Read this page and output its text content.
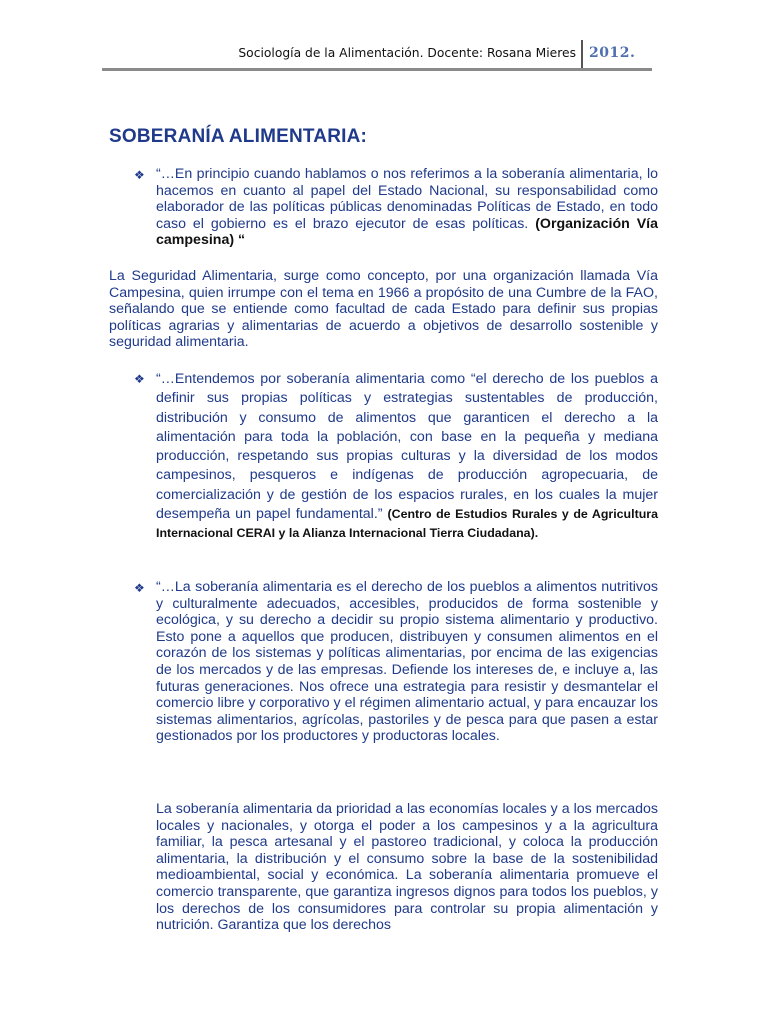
Sociología de la Alimentación. Docente: Rosana Mieres 2012.
SOBERANÍA ALIMENTARIA:
❖ “…En principio cuando hablamos o nos referimos a la soberanía alimentaria, lo hacemos en cuanto al papel del Estado Nacional, su responsabilidad como elaborador de las políticas públicas denominadas Políticas de Estado, en todo caso el gobierno es el brazo ejecutor de esas políticas. (Organización Vía campesina) “
La Seguridad Alimentaria, surge como concepto, por una organización llamada Vía Campesina, quien irrumpe con el tema en 1966 a propósito de una Cumbre de la FAO, señalando que se entiende como facultad de cada Estado para definir sus propias políticas agrarias y alimentarias de acuerdo a objetivos de desarrollo sostenible y seguridad alimentaria.
❖ “…Entendemos por soberanía alimentaria como “el derecho de los pueblos a definir sus propias políticas y estrategias sustentables de producción, distribución y consumo de alimentos que garanticen el derecho a la alimentación para toda la población, con base en la pequeña y mediana producción, respetando sus propias culturas y la diversidad de los modos campesinos, pesqueros e indígenas de producción agropecuaria, de comercialización y de gestión de los espacios rurales, en los cuales la mujer desempeña un papel fundamental.” (Centro de Estudios Rurales y de Agricultura Internacional CERAI y la Alianza Internacional Tierra Ciudadana).
❖ “…La soberanía alimentaria es el derecho de los pueblos a alimentos nutritivos y culturalmente adecuados, accesibles, producidos de forma sostenible y ecológica, y su derecho a decidir su propio sistema alimentario y productivo. Esto pone a aquellos que producen, distribuyen y consumen alimentos en el corazón de los sistemas y políticas alimentarias, por encima de las exigencias de los mercados y de las empresas. Defiende los intereses de, e incluye a, las futuras generaciones. Nos ofrece una estrategia para resistir y desmantelar el comercio libre y corporativo y el régimen alimentario actual, y para encauzar los sistemas alimentarios, agrícolas, pastoriles y de pesca para que pasen a estar gestionados por los productores y productoras locales.
La soberanía alimentaria da prioridad a las economías locales y a los mercados locales y nacionales, y otorga el poder a los campesinos y a la agricultura familiar, la pesca artesanal y el pastoreo tradicional, y coloca la producción alimentaria, la distribución y el consumo sobre la base de la sostenibilidad medioambiental, social y económica. La soberanía alimentaria promueve el comercio transparente, que garantiza ingresos dignos para todos los pueblos, y los derechos de los consumidores para controlar su propia alimentación y nutrición. Garantiza que los derechos
